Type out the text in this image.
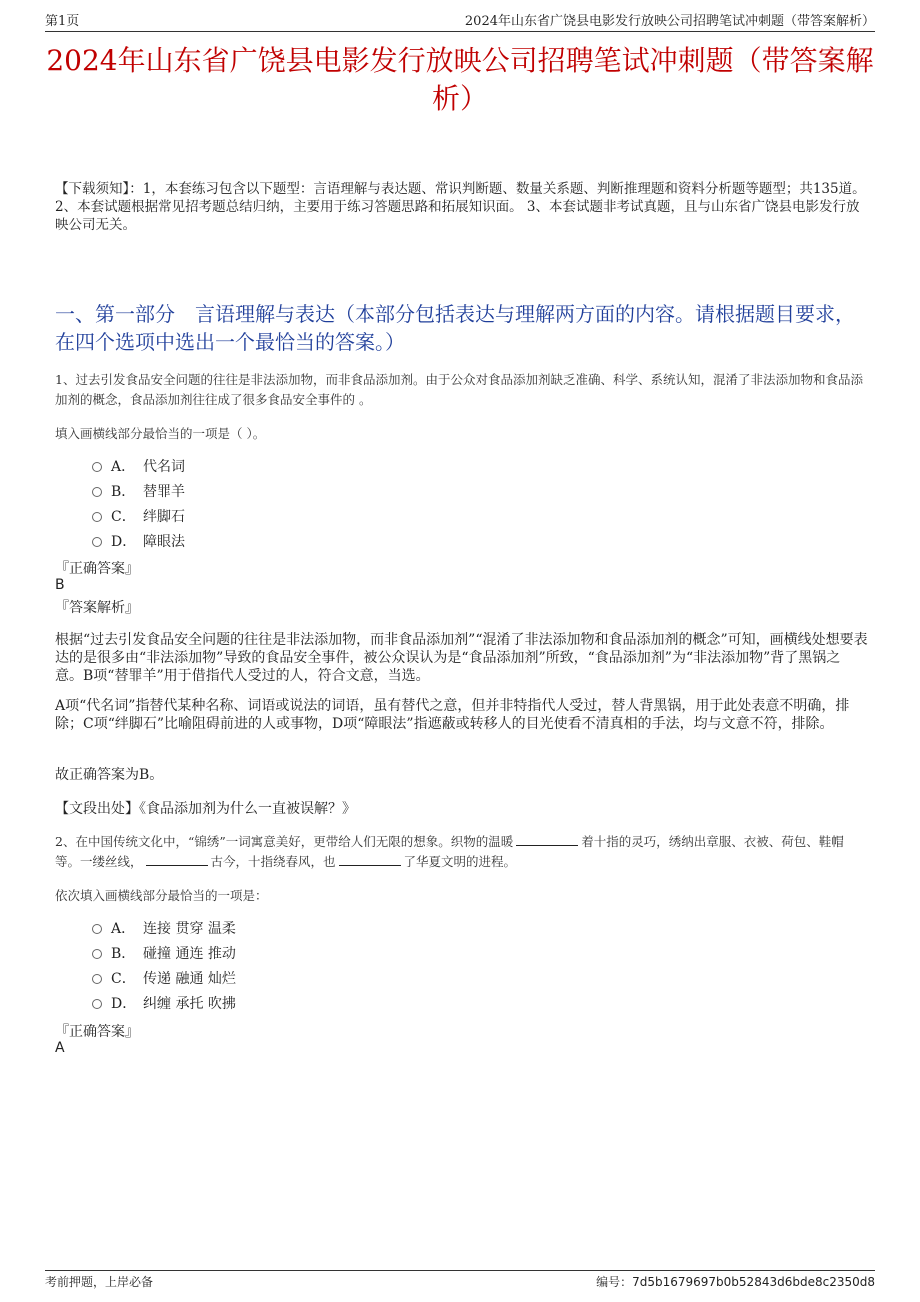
第1页	2024年山东省广饶县电影发行放映公司招聘笔试冲刺题（带答案解析）
2024年山东省广饶县电影发行放映公司招聘笔试冲刺题（带答案解析）
【下载须知】：1，本套练习包含以下题型：言语理解与表达题、常识判断题、数量关系题、判断推理题和资料分析题等题型；共135道。 2、本套试题根据常见招考题总结归纳，主要用于练习答题思路和拓展知识面。 3、本套试题非考试真题，且与山东省广饶县电影发行放映公司无关。
一、第一部分　言语理解与表达（本部分包括表达与理解两方面的内容。请根据题目要求，在四个选项中选出一个最恰当的答案。）
1、过去引发食品安全问题的往往是非法添加物，而非食品添加剂。由于公众对食品添加剂缺乏准确、科学、系统认知，混淆了非法添加物和食品添加剂的概念，食品添加剂往往成了很多食品安全事件的 。
填入画横线部分最恰当的一项是（ ）。
A． 代名词
B． 替罪羊
C． 绊脚石
D． 障眼法
『正确答案』
B
『答案解析』
根据“过去引发食品安全问题的往往是非法添加物，而非食品添加剂”“混淆了非法添加物和食品添加剂的概念”可知，画横线处想要表达的是很多由“非法添加物”导致的食品安全事件，被公众误认为是“食品添加剂”所致，“食品添加剂”为“非法添加物”背了黑锅之意。B项“替罪羊”用于借指代人受过的人，符合文意，当选。
A项“代名词”指替代某种名称、词语或说法的词语，虽有替代之意，但并非特指代人受过，替人背黑锅，用于此处表意不明确，排除；C项“绊脚石”比喻阻碍前进的人或事物，D项“障眼法”指遮蔽或转移人的目光使看不清真相的手法，均与文意不符，排除。
故正确答案为B。
【文段出处】《食品添加剂为什么一直被误解？》
2、在中国传统文化中，“锦绣”一词寓意美好，更带给人们无限的想象。织物的温暖	着十指的灵巧，绣纳出章服、衣被、荷包、鞋帽等。一缕丝线，	古今，十指绕春风，也	了华夏文明的进程。
依次填入画横线部分最恰当的一项是：
A． 连接 贯穿 温柔
B． 碰撞 通连 推动
C． 传递 融通 灿烂
D． 纠缠 承托 吹拂
『正确答案』
A
考前押题，上岸必备	编号：7d5b1679697b0b52843d6bde8c2350d8
